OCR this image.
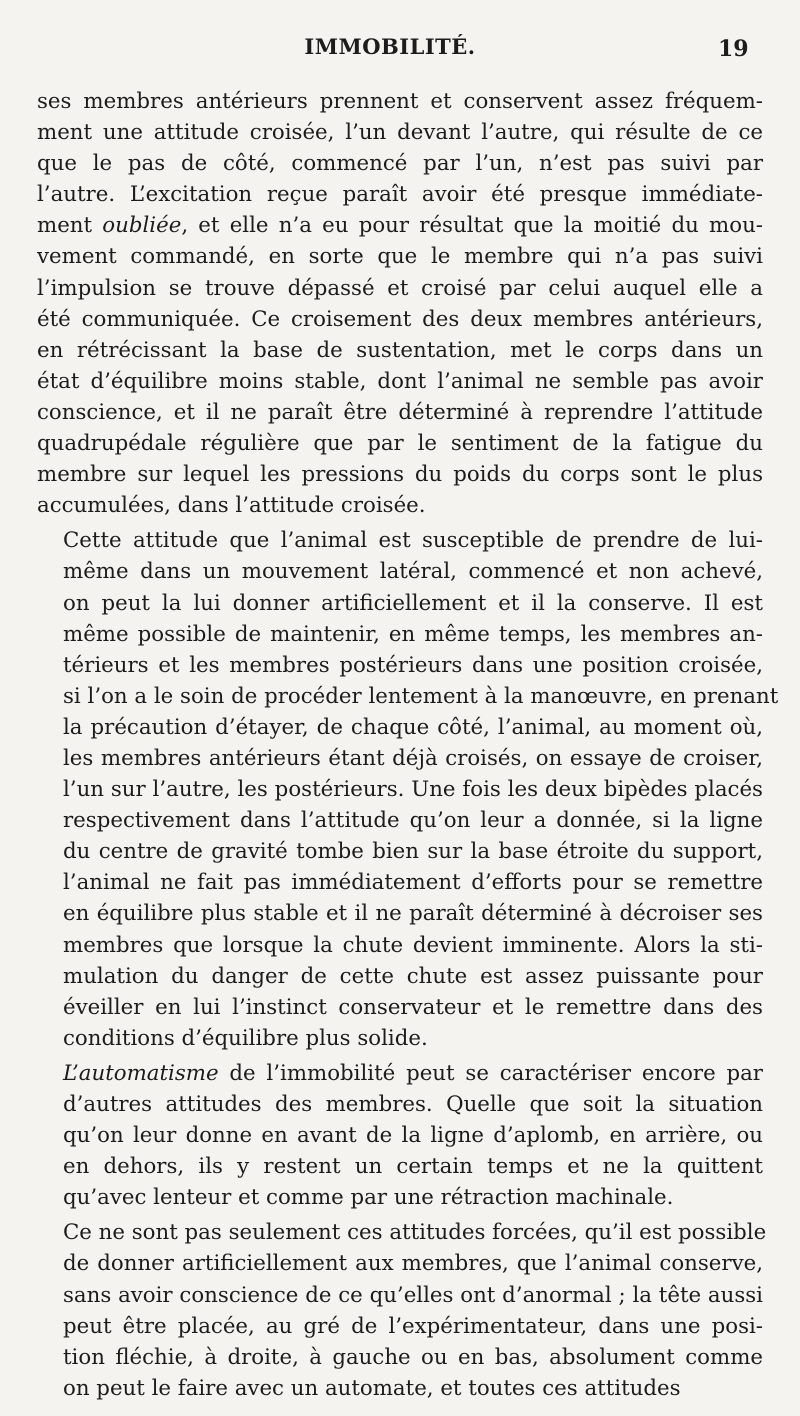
IMMOBILITÉ.	19

ses membres antérieurs prennent et conservent assez fréquem-
ment une attitude croisée, l’un devant l’autre, qui résulte de ce
que le pas de côté, commencé par l’un, n’est pas suivi par
l’autre. L’excitation reçue paraît avoir été presque immédiate-
ment oubliée, et elle n’a eu pour résultat que la moitié du mou-
vement commandé, en sorte que le membre qui n’a pas suivi
l’impulsion se trouve dépassé et croisé par celui auquel elle a
été communiquée. Ce croisement des deux membres antérieurs,
en rétrécissant la base de sustentation, met le corps dans un
état d’équilibre moins stable, dont l’animal ne semble pas avoir
conscience, et il ne paraît être déterminé à reprendre l’attitude
quadrupédale régulière que par le sentiment de la fatigue du
membre sur lequel les pressions du poids du corps sont le plus
accumulées, dans l’attitude croisée.

Cette attitude que l’animal est susceptible de prendre de lui-
même dans un mouvement latéral, commencé et non achevé,
on peut la lui donner artificiellement et il la conserve. Il est
même possible de maintenir, en même temps, les membres an-
térieurs et les membres postérieurs dans une position croisée,
si l’on a le soin de procéder lentement à la manœuvre, en prenant
la précaution d’étayer, de chaque côté, l’animal, au moment où,
les membres antérieurs étant déjà croisés, on essaye de croiser,
l’un sur l’autre, les postérieurs. Une fois les deux bipèdes placés
respectivement dans l’attitude qu’on leur a donnée, si la ligne
du centre de gravité tombe bien sur la base étroite du support,
l’animal ne fait pas immédiatement d’efforts pour se remettre
en équilibre plus stable et il ne paraît déterminé à décroiser ses
membres que lorsque la chute devient imminente. Alors la sti-
mulation du danger de cette chute est assez puissante pour
éveiller en lui l’instinct conservateur et le remettre dans des
conditions d’équilibre plus solide.

L’automatisme de l’immobilité peut se caractériser encore par
d’autres attitudes des membres. Quelle que soit la situation
qu’on leur donne en avant de la ligne d’aplomb, en arrière, ou
en dehors, ils y restent un certain temps et ne la quittent
qu’avec lenteur et comme par une rétraction machinale.

Ce ne sont pas seulement ces attitudes forcées, qu’il est possible
de donner artificiellement aux membres, que l’animal conserve,
sans avoir conscience de ce qu’elles ont d’anormal ; la tête aussi
peut être placée, au gré de l’expérimentateur, dans une posi-
tion fléchie, à droite, à gauche ou en bas, absolument comme
on peut le faire avec un automate, et toutes ces attitudes
